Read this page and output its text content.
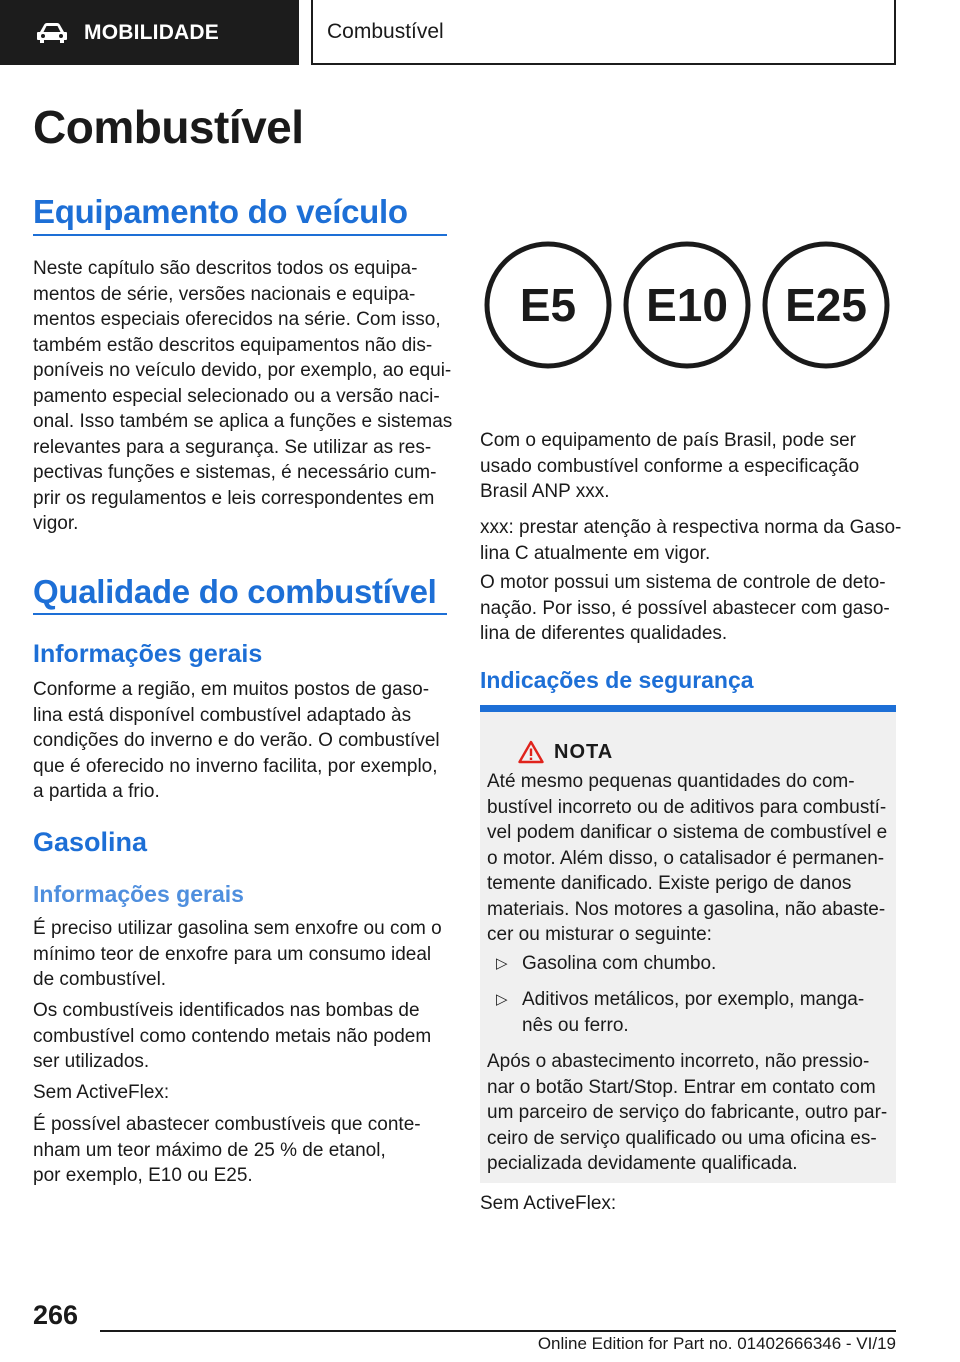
MOBILIDADE	Combustível
Combustível
Equipamento do veículo
Neste capítulo são descritos todos os equipa-
mentos de série, versões nacionais e equipa-
mentos especiais oferecidos na série. Com isso,
também estão descritos equipamentos não dis-
poníveis no veículo devido, por exemplo, ao equi-
pamento especial selecionado ou a versão naci-
onal. Isso também se aplica a funções e sistemas
relevantes para a segurança. Se utilizar as res-
pectivas funções e sistemas, é necessário cum-
prir os regulamentos e leis correspondentes em
vigor.
Qualidade do combustível
Informações gerais
Conforme a região, em muitos postos de gaso-
lina está disponível combustível adaptado às
condições do inverno e do verão. O combustível
que é oferecido no inverno facilita, por exemplo,
a partida a frio.
Gasolina
Informações gerais
É preciso utilizar gasolina sem enxofre ou com o
mínimo teor de enxofre para um consumo ideal
de combustível.
Os combustíveis identificados nas bombas de
combustível como contendo metais não podem
ser utilizados.
Sem ActiveFlex:
É possível abastecer combustíveis que conte-
nham um teor máximo de 25 % de etanol,
por exemplo, E10 ou E25.
E5 E10 E25
Com o equipamento de país Brasil, pode ser
usado combustível conforme a especificação
Brasil ANP xxx.
xxx: prestar atenção à respectiva norma da Gaso-
lina C atualmente em vigor.
O motor possui um sistema de controle de deto-
nação. Por isso, é possível abastecer com gaso-
lina de diferentes qualidades.
Indicações de segurança
NOTA
Até mesmo pequenas quantidades do com-
bustível incorreto ou de aditivos para combustí-
vel podem danificar o sistema de combustível e
o motor. Além disso, o catalisador é permanen-
temente danificado. Existe perigo de danos
materiais. Nos motores a gasolina, não abaste-
cer ou misturar o seguinte:
▷ Gasolina com chumbo.
▷ Aditivos metálicos, por exemplo, manga-
nês ou ferro.
Após o abastecimento incorreto, não pressio-
nar o botão Start/Stop. Entrar em contato com
um parceiro de serviço do fabricante, outro par-
ceiro de serviço qualificado ou uma oficina es-
pecializada devidamente qualificada.
Sem ActiveFlex:
266
Online Edition for Part no. 01402666346 - VI/19
